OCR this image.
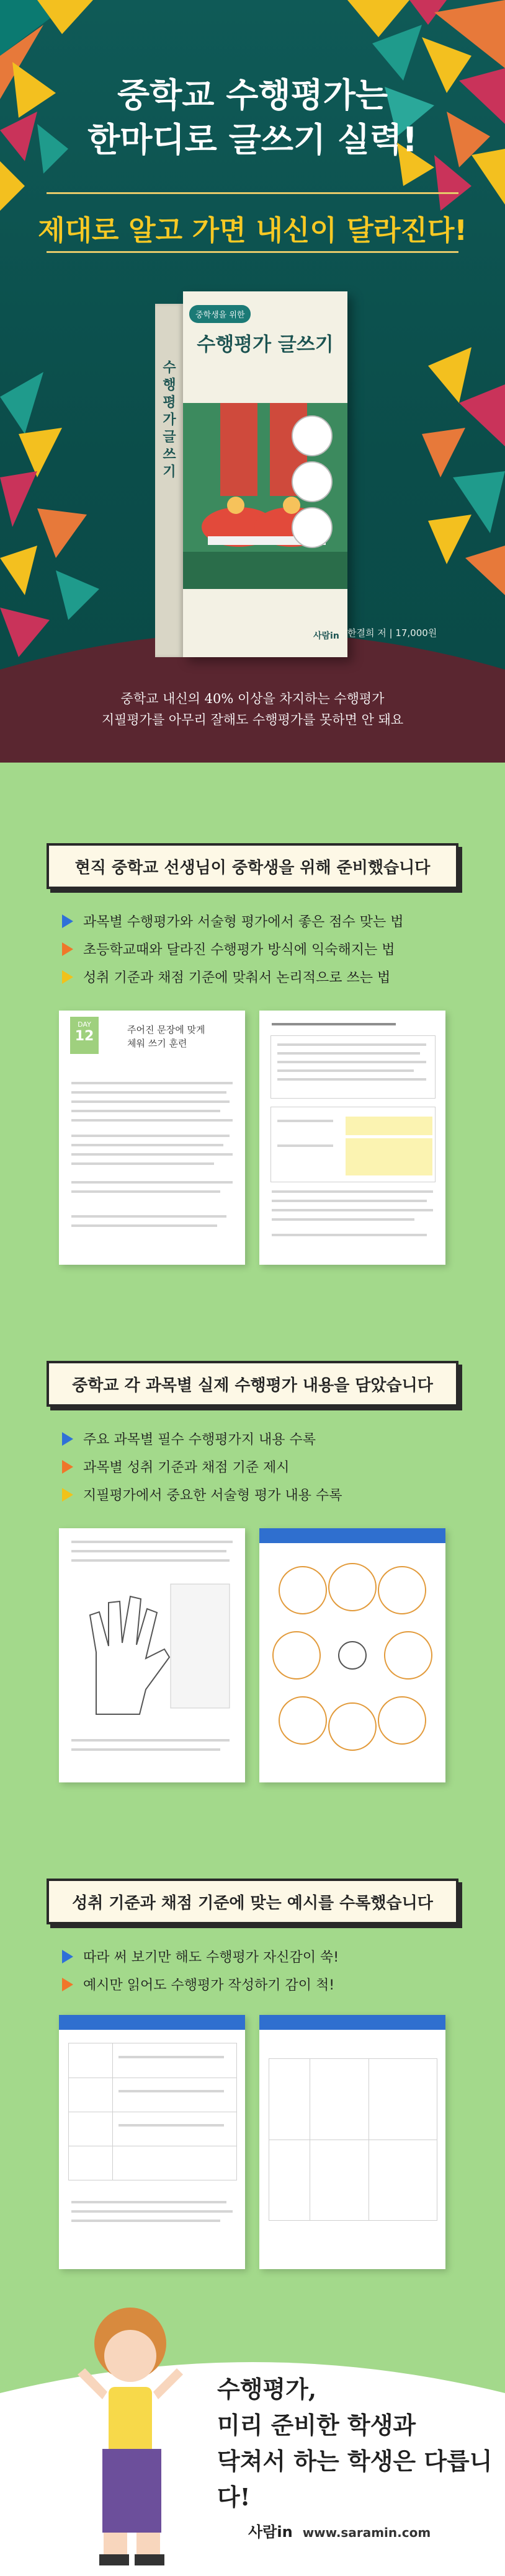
중학교 수행평가는
한마디로 글쓰기 실력!
제대로 알고 가면 내신이 달라진다!
수행평가 글쓰기
중학생을 위한
수행평가 글쓰기
사람in 한결희 저 | 17,000원
중학교 내신의 40% 이상을 차지하는 수행평가
지필평가를 아무리 잘해도 수행평가를 못하면 안 돼요
현직 중학교 선생님이 중학생을 위해 준비했습니다
과목별 수행평가와 서술형 평가에서 좋은 점수 맞는 법
초등학교때와 달라진 수행평가 방식에 익숙해지는 법
성취 기준과 채점 기준에 맞춰서 논리적으로 쓰는 법
DAY
12	주어진 문장에 맞게
체워 쓰기 훈련
중학교 각 과목별 실제 수행평가 내용을 담았습니다
주요 과목별 필수 수행평가지 내용 수록
과목별 성취 기준과 채점 기준 제시
지필평가에서 중요한 서술형 평가 내용 수록
성취 기준과 채점 기준에 맞는 예시를 수록했습니다
따라 써 보기만 해도 수행평가 자신감이 쑥!
예시만 읽어도 수행평가 작성하기 감이 척!
수행평가,
미리 준비한 학생과
닥쳐서 하는 학생은 다릅니다!
사람in www.saramin.com
